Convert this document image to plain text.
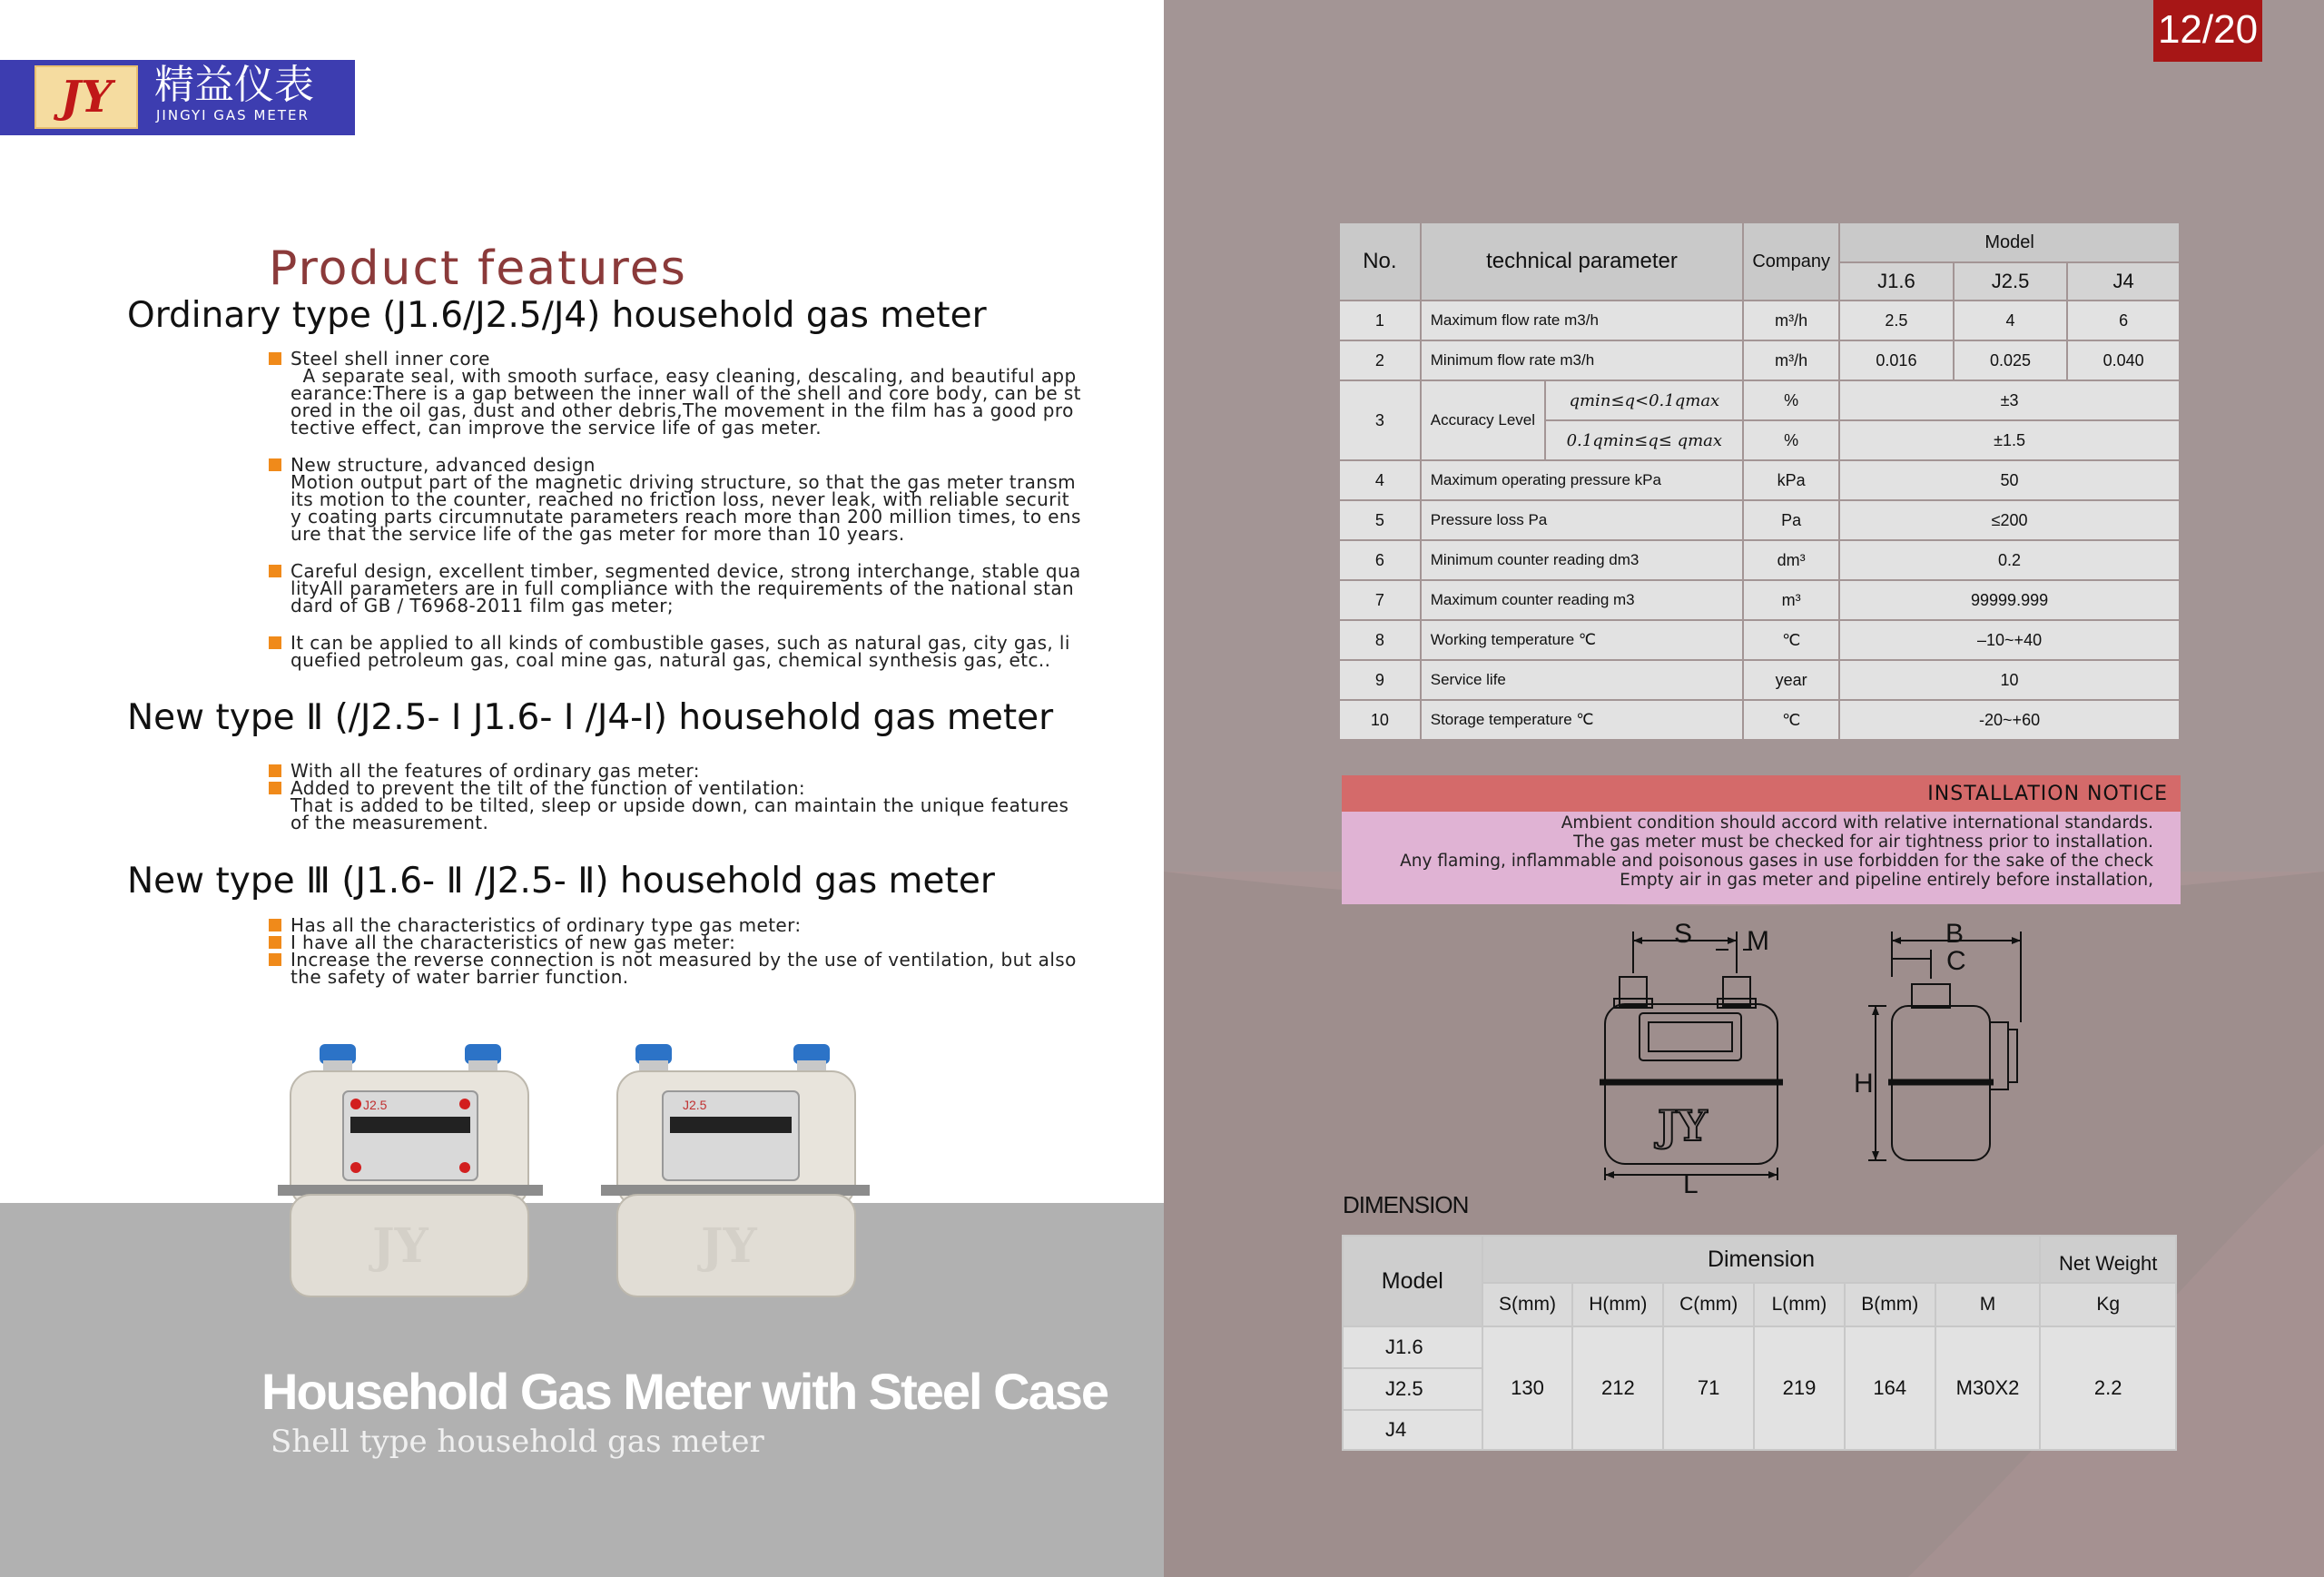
JY	精益仪表
JINGYI GAS METER
12/20
Product features
Ordinary type (J1.6/J2.5/J4) household gas meter
Steel shell inner core
A separate seal, with smooth surface, easy cleaning, descaling, and beautiful app
earance:There is a gap between the inner wall of the shell and core body, can be st
ored in the oil gas, dust and other debris,The movement in the film has a good pro
tective effect, can improve the service life of gas meter.
New structure, advanced design
Motion output part of the magnetic driving structure, so that the gas meter transm
its motion to the counter, reached no friction loss, never leak, with reliable securit
y coating parts circumnutate parameters reach more than 200 million times, to ens
ure that the service life of the gas meter for more than 10 years.
Careful design, excellent timber, segmented device, strong interchange, stable qua
lityAll parameters are in full compliance with the requirements of the national stan
dard of GB / T6968-2011 film gas meter;
It can be applied to all kinds of combustible gases, such as natural gas, city gas, li
quefied petroleum gas, coal mine gas, natural gas, chemical synthesis gas, etc..
New type Ⅱ (/J2.5- Ⅰ J1.6- Ⅰ /J4-Ⅰ) household gas meter
With all the features of ordinary gas meter:
Added to prevent the tilt of the function of ventilation:
That is added to be tilted, sleep or upside down, can maintain the unique features
of the measurement.
New type Ⅲ (J1.6- Ⅱ /J2.5- Ⅱ) household gas meter
Has all the characteristics of ordinary type gas meter:
I have all the characteristics of new gas meter:
Increase the reverse connection is not measured by the use of ventilation, but also
the safety of water barrier function.
J2.5
JY
J2.5
JY
Household Gas Meter with Steel Case
Shell type household gas meter
No.	technical parameter		Company	Model		
				J1.6	J2.5	J4
1	Maximum flow rate m3/h		m³/h	2.5	4	6
2	Minimum flow rate m3/h		m³/h	0.016	0.025	0.040
3	Accuracy Level	qmin≤q<0.1qmax	%	±3		
		0.1qmin≤q≤ qmax	%	±1.5		
4	Maximum operating pressure kPa		kPa	50		
5	Pressure loss Pa		Pa	≤200		
6	Minimum counter reading dm3		dm³	0.2		
7	Maximum counter reading m3		m³	99999.999		
8	Working temperature ℃		℃	–10~+40		
9	Service life		year	10		
10	Storage temperature ℃		℃	-20~+60		
INSTALLATION NOTICE
Ambient condition should accord with relative international standards.
The gas meter must be checked for air tightness prior to installation.
Any flaming, inflammable and poisonous gases in use forbidden for the sake of the check
Empty air in gas meter and pipeline entirely before installation,
S M	B
C
H
L
JY
DIMENSION
Model	Dimension						Net Weight
	S(mm)	H(mm)	C(mm)	L(mm)	B(mm)	M	Kg
J1.6	130	212	71	219	164	M30X2	2.2
J2.5							
J4							
